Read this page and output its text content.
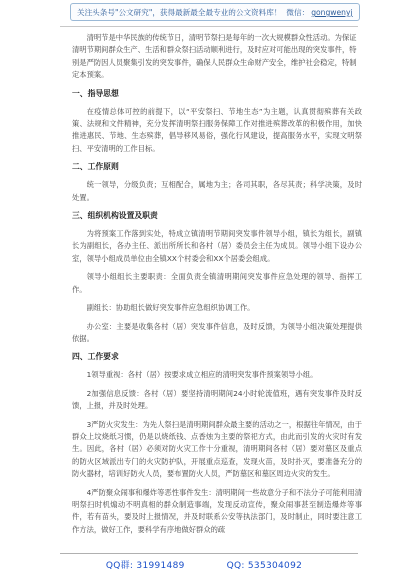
关注头条号"公文研究"，获得最新最全最专业的公文资料库！ 微信： gongwenyj

清明节是中华民族的传统节日，清明节祭扫是每年的一次大规模群众性活动。为保证清明节期间群众生产、生活和群众祭扫活动顺利进行，及时应对可能出现的突发事件，特别是严防因人员聚集引发的突发事件，确保人民群众生命财产安全，维护社会稳定，特制定本预案。

一、指导思想

在疫情总体可控的前提下，以“平安祭扫、节地生态”为主题，认真贯彻殡葬有关政策、法规和文件精神，充分发挥清明祭扫服务保障工作对推进殡葬改革的积极作用，加快推进惠民、节地、生态殡葬，倡导移风易俗，强化行风建设，提高服务水平，实现文明祭扫、平安清明的工作目标。

二、工作原则

统一领导，分级负责；互相配合，属地为主；各司其职，各尽其责；科学决策，及时处置。

三、组织机构设置及职责

为将预案工作落到实处，特成立镇清明节期间突发事件领导小组，镇长为组长，副镇长为副组长，各办主任、派出所所长和各村（居）委员会主任为成员。领导小组下设办公室，领导小组成员单位由全镇XX个村委会和XX个居委会组成。

领导小组组长主要职责：全面负责全镇清明期间突发事件应急处理的领导、指挥工作。

副组长：协助组长做好突发事件应急组织协调工作。

办公室：主要是收集各村（居）突发事件信息，及时反馈，为领导小组决策处理提供依据。

四、工作要求

1领导重视：各村（居）按要求成立相应的清明突发事件预案领导小组。

2加强信息反馈：各村（居）要坚持清明期间24小时轮流值班，遇有突发事件及时反馈，上报，并及时处理。

3严防火灾发生：为先人祭扫是清明期间群众最主要的活动之一，根据往年情况，由于群众上坟烧纸习惯，仍是以烧纸钱、点香烛为主要的祭祀方式，由此而引发的火灾时有发生。因此，各村（居）必须对防火灾工作十分重视，清明期间各村（居）要对墓区及重点的防火区域派出专门的火灾防护队，开展重点巡查，发现火苗，及时扑灭，要准备充分的防火器材，培训好防火人员，要布置防火人员，严防墓区和墓区周边火灾的发生。

4严防聚众闹事和爆炸等恶性事件发生：清明期间一些故意分子和不法分子可能利用清明祭扫时机煽动不明真相的群众制造事端，发现反动宣传，聚众闹事甚至制造爆炸等事件，若有苗头，要及时上报情况，并及时联系公安等执法部门，及时制止，同时要注意工作方法，做好工作，要科学有序地做好群众的疏

QQ群: 31991489	QQ: 535304092
